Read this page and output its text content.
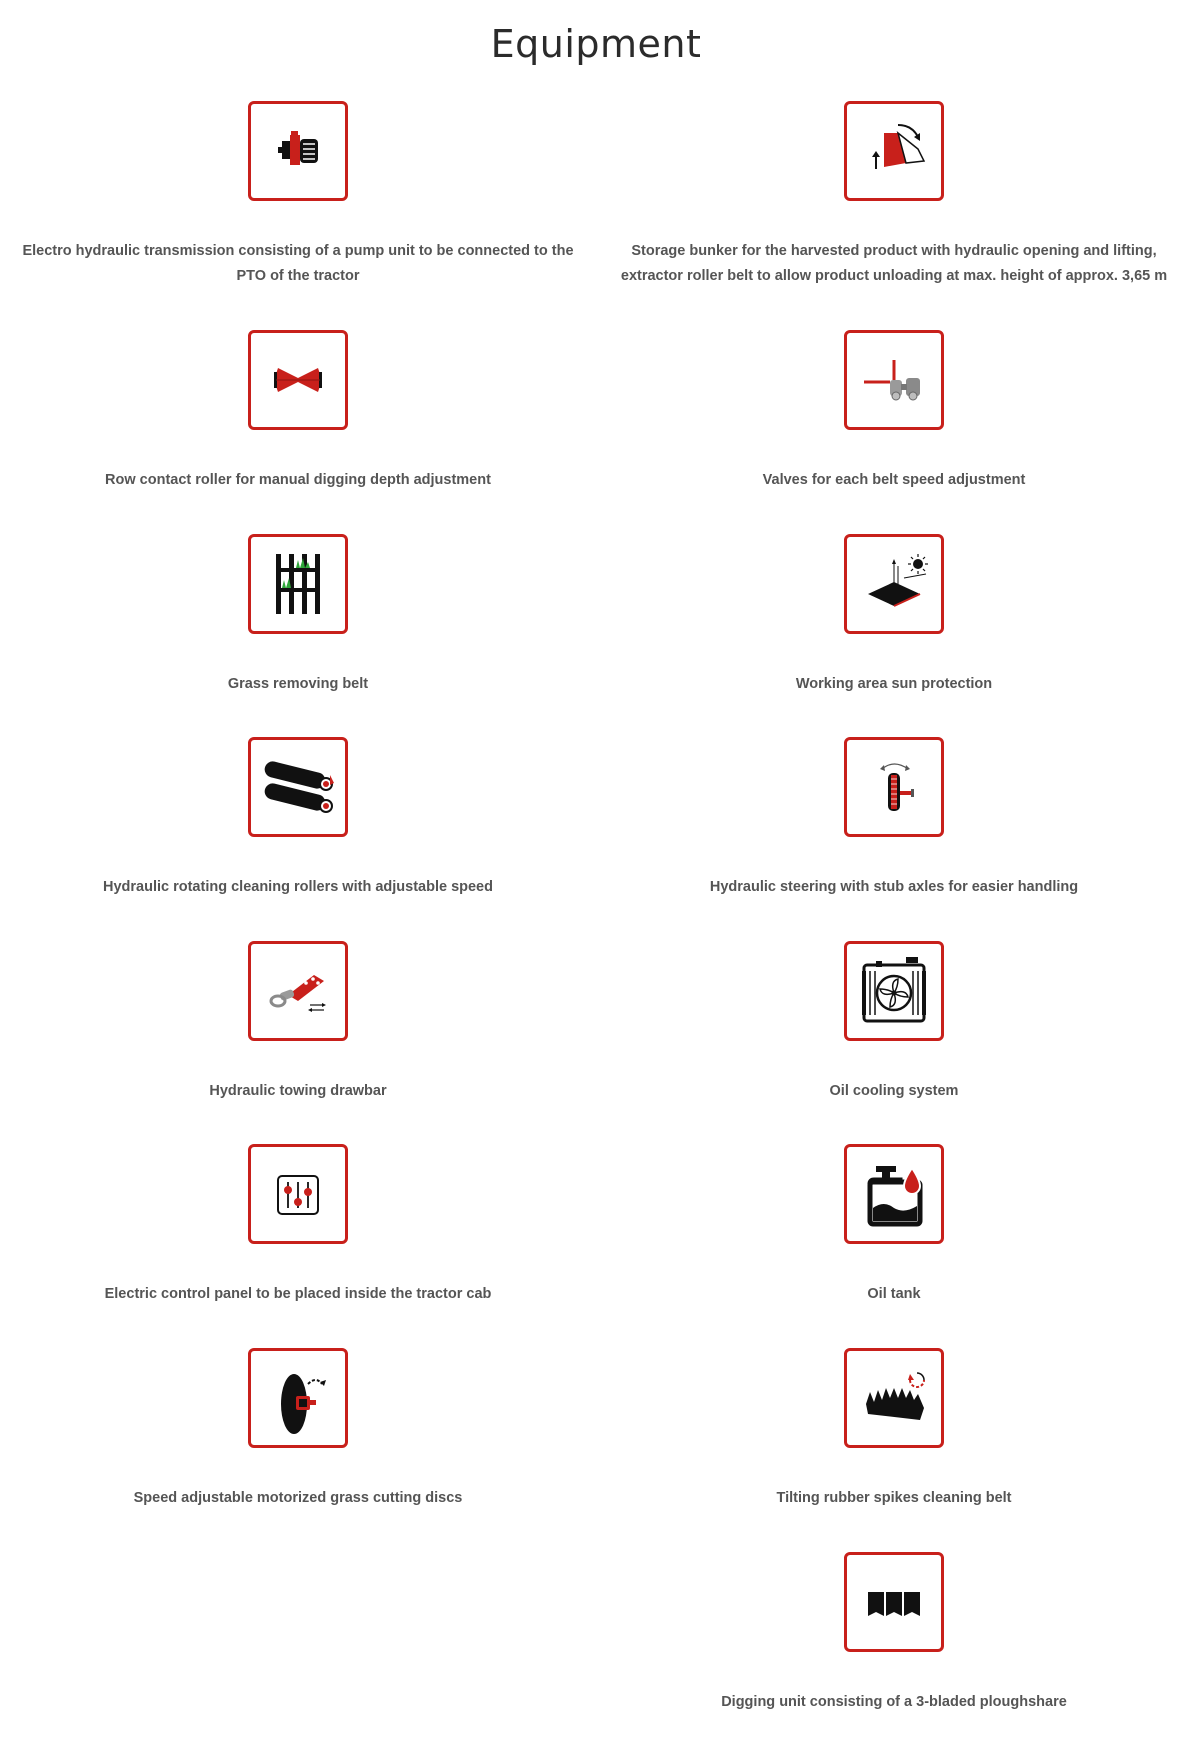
Equipment
Electro hydraulic transmission consisting of a pump unit to be connected to the PTO of the tractor
Storage bunker for the harvested product with hydraulic opening and lifting, extractor roller belt to allow product unloading at max. height of approx. 3,65 m
Row contact roller for manual digging depth adjustment	Valves for each belt speed adjustment
Grass removing belt	Working area sun protection
Hydraulic rotating cleaning rollers with adjustable speed	Hydraulic steering with stub axles for easier handling
Hydraulic towing drawbar	Oil cooling system
Electric control panel to be placed inside the tractor cab	Oil tank
Speed adjustable motorized grass cutting discs	Tilting rubber spikes cleaning belt
Digging unit consisting of a 3-bladed ploughshare
